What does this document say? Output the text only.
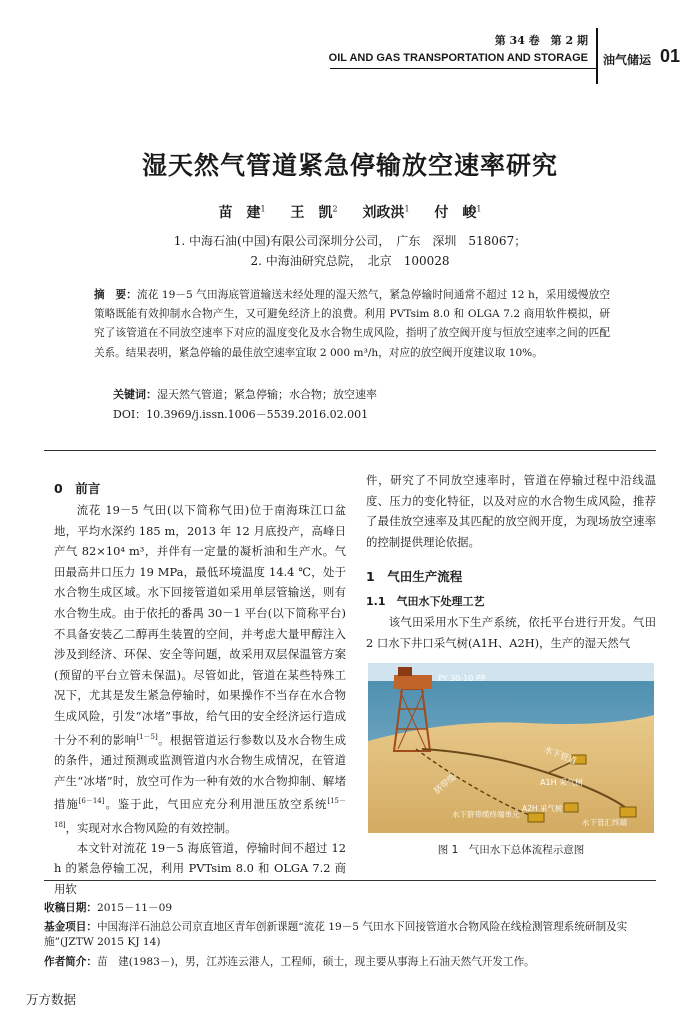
第 34 卷　第 2 期
OIL AND GAS TRANSPORTATION AND STORAGE 油气储运 01
湿天然气管道紧急停输放空速率研究
苗　建$^1$ 王　凯$^2$ 刘政洪$^1$ 付　峻$^1$
1. 中海石油(中国)有限公司深圳分公司，　广东　深圳　518067；
2. 中海油研究总院，　北京　100028
摘　要：流花 19－5 气田海底管道输送未经处理的湿天然气，紧急停输时间通常不超过 12 h，采用缓慢放空策略既能有效抑制水合物产生，又可避免经济上的浪费。利用 PVTsim 8.0 和 OLGA 7.2 商用软件模拟，研究了该管道在不同放空速率下对应的温度变化及水合物生成风险，指明了放空阀开度与恒放空速率之间的匹配关系。结果表明，紧急停输的最佳放空速率宜取 2 000 m³/h，对应的放空阀开度建议取 10%。
关键词：湿天然气管道；紧急停输；水合物；放空速率
DOI：10.3969/j.issn.1006－5539.2016.02.001
0　前言

流花 19－5 气田(以下简称气田)位于南海珠江口盆地，平均水深约 185 m，2013 年 12 月底投产，高峰日产气 82×10⁴ m³，并伴有一定量的凝析油和生产水。气田最高井口压力 19 MPa，最低环境温度 14.4 ℃，处于水合物生成区域。水下回接管道如采用单层管输送，则有水合物生成。由于依托的番禺 30－1 平台(以下简称平台)不具备安装乙二醇再生装置的空间，并考虑大量甲醇注入涉及到经济、环保、安全等问题，故采用双层保温管方案(预留的平台立管未保温)。尽管如此，管道在某些特殊工况下，尤其是发生紧急停输时，如果操作不当存在水合物生成风险，引发“冰堵”事故，给气田的安全经济运行造成十分不利的影响[1－5]。根据管道运行参数以及水合物生成的条件，通过预测或监测管道内水合物生成情况，在管道产生“冰堵”时，放空可作为一种有效的水合物抑制、解堵措施[6－14]。鉴于此，气田应充分利用泄压放空系统[15－18]，实现对水合物风险的有效控制。

本文针对流花 19－5 海底管道，停输时间不超过 12 h 的紧急停输工况，利用 PVTsim 8.0 和 OLGA 7.2 商用软

件，研究了不同放空速率时，管道在停输过程中沿线温度、压力的变化特征，以及对应的水合物生成风险，推荐了最佳放空速率及其匹配的放空阀开度，为现场放空速率的控制提供理论依据。
1　气田生产流程
1.1　气田水下处理工艺

该气田采用水下生产系统，依托平台进行开发。气田 2 口水下井口采气树(A1H、A2H)，生产的湿天然气

PY 30-10 PP
脐带缆
水下管道
A1H 采气树
A2H 采气树
水下脐带缆终端单元
水下管汇终端
图 1　气田水下总体流程示意图
收稿日期：2015－11－09
基金项目：中国海洋石油总公司京直地区青年创新课题“流花 19－5 气田水下回接管道水合物风险在线检测管理系统研制及实施”(JZTW 2015 KJ 14)
作者简介：苗　建(1983－)，男，江苏连云港人，工程师，硕士，现主要从事海上石油天然气开发工作。
万方数据
